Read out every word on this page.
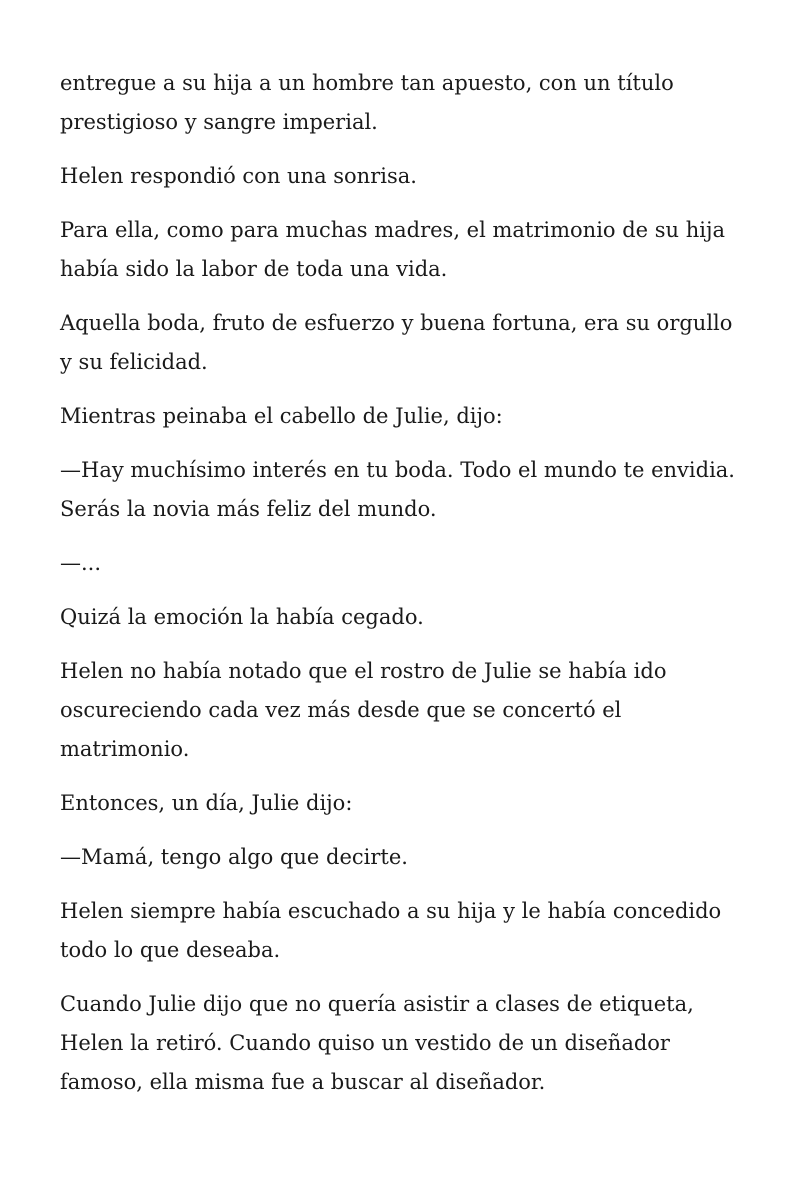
entregue a su hija a un hombre tan apuesto, con un título prestigioso y sangre imperial.

Helen respondió con una sonrisa.

Para ella, como para muchas madres, el matrimonio de su hija había sido la labor de toda una vida.

Aquella boda, fruto de esfuerzo y buena fortuna, era su orgullo y su felicidad.

Mientras peinaba el cabello de Julie, dijo:

—Hay muchísimo interés en tu boda. Todo el mundo te envidia. Serás la novia más feliz del mundo.

—...

Quizá la emoción la había cegado.

Helen no había notado que el rostro de Julie se había ido oscureciendo cada vez más desde que se concertó el matrimonio.

Entonces, un día, Julie dijo:

—Mamá, tengo algo que decirte.

Helen siempre había escuchado a su hija y le había concedido todo lo que deseaba.

Cuando Julie dijo que no quería asistir a clases de etiqueta, Helen la retiró. Cuando quiso un vestido de un diseñador famoso, ella misma fue a buscar al diseñador.
